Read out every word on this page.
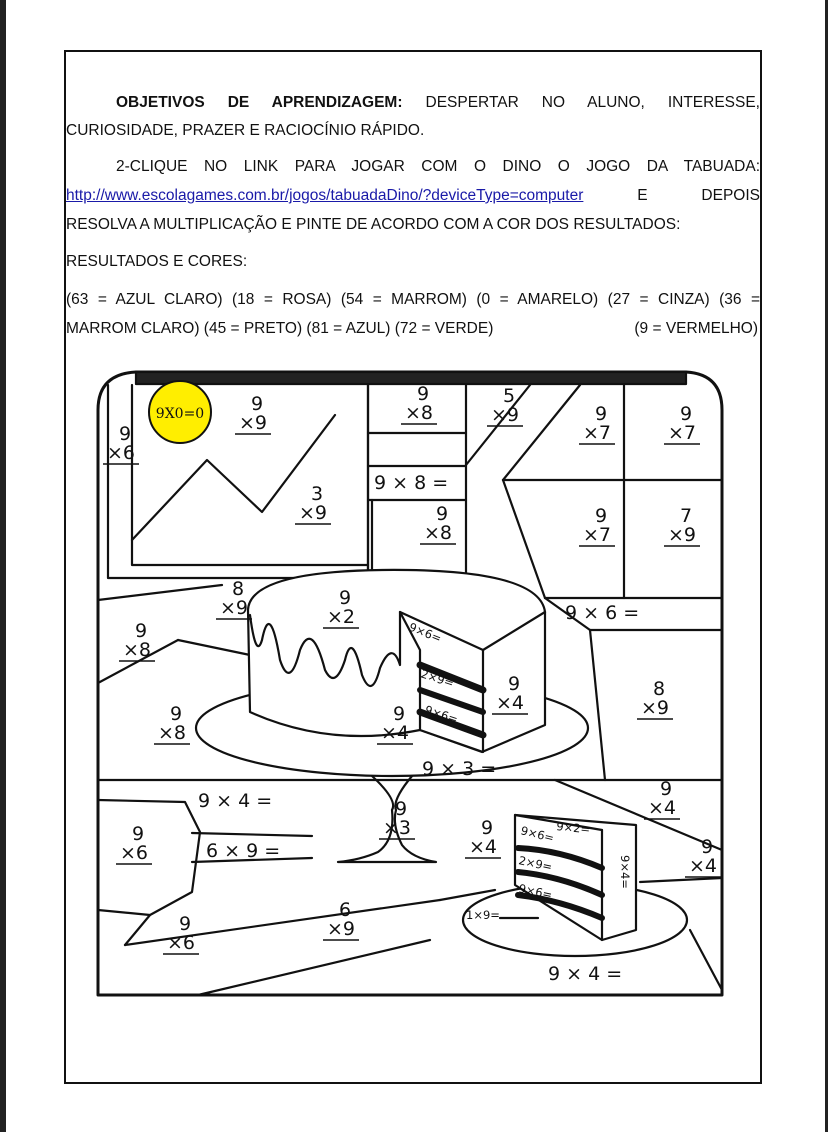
OBJETIVOS DE APRENDIZAGEM: DESPERTAR NO ALUNO, INTERESSE,
CURIOSIDADE, PRAZER E RACIOCÍNIO RÁPIDO.
2-CLIQUE NO LINK PARA JOGAR COM O DINO O JOGO DA TABUADA:
http://www.escolagames.com.br/jogos/tabuadaDino/?deviceType=computer	E DEPOIS
RESOLVA A MULTIPLICAÇÃO E PINTE DE ACORDO COM A COR DOS RESULTADOS:
RESULTADOS E CORES:
(63 = AZUL CLARO) (18 = ROSA) (54 = MARROM) (0 = AMARELO) (27 = CINZA) (36 =
MARROM CLARO) (45 = PRETO) (81 = AZUL) (72 = VERDE)	(9 = VERMELHO)
9X0=0
9
×6
9
×9
3
×9
9
×8
5
×9	9
×7
9
×7
9
×8
9
×7
7
×9
8
×9	9
×2
9
×8
9
×8
9
×4
9
×4
8
×9
9
×4
9
×6
9
×3	9
×4	9
×4
9
×6
6
×9
9 × 8 =
9 × 6 =
9 × 3 =
9 × 4 =
6 × 9 =
9 × 4 =
9×6=
2×9=
9×6=
9×2=
9×6=
2×9=
9×6=
9×4=
1×9=
